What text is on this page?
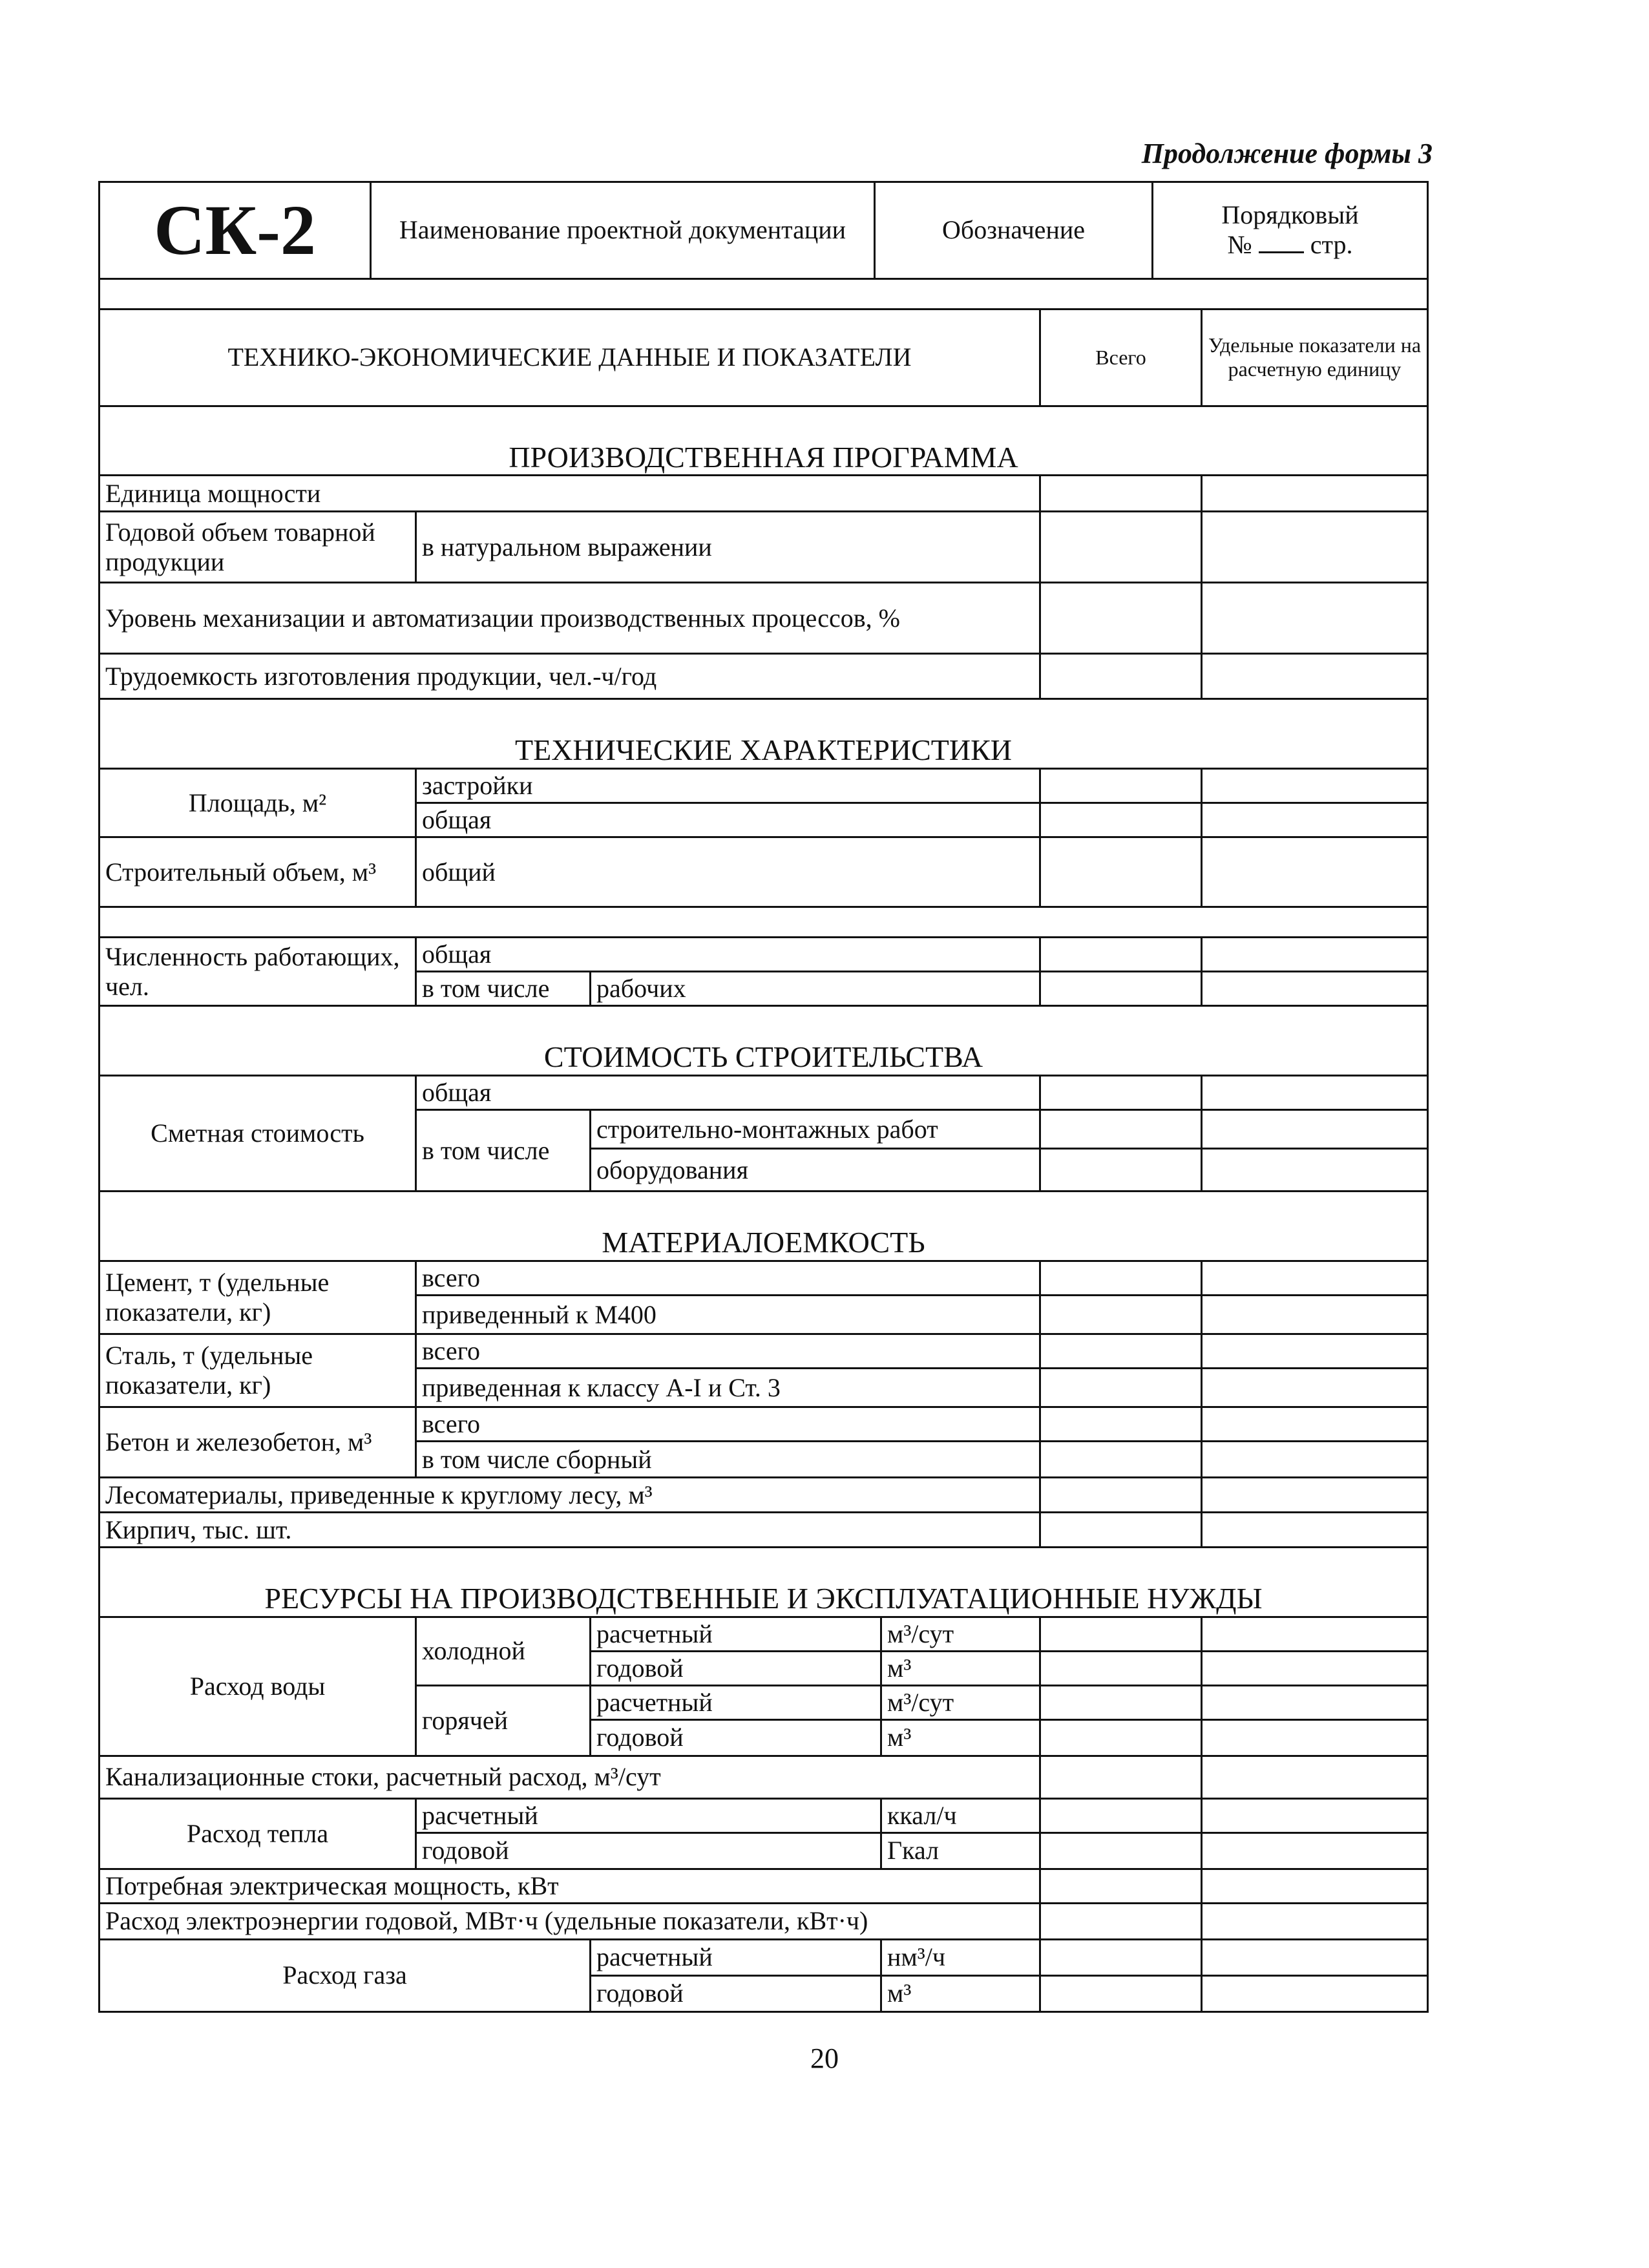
Продолжение формы 3
СК-2	Наименование проектной документации	Обозначение	
Порядковый
№ стр.

ТЕХНИКО-ЭКОНОМИЧЕСКИЕ ДАННЫЕ И ПОКАЗАТЕЛИ				Всего	Удельные показатели на расчетную единицу
ПРОИЗВОДСТВЕННАЯ ПРОГРАММА					
Единица мощности					
Годовой объем товарной продукции	в натуральном выражении				
Уровень механизации и автоматизации производственных процессов, %					
Трудоемкость изготовления продукции, чел.-ч/год					
ТЕХНИЧЕСКИЕ ХАРАКТЕРИСТИКИ					
Площадь, м²	застройки				
	общая				
Строительный объем, м³	общий				

Численность работающих, чел.	общая				
	в том числе	рабочих			
СТОИМОСТЬ СТРОИТЕЛЬСТВА					
Сметная стоимость	общая				
	в том числе	строительно-монтажных работ			
		оборудования			
МАТЕРИАЛОЕМКОСТЬ					
Цемент, т (удельные показатели, кг)	всего				
	приведенный к М400				
Сталь, т (удельные показатели, кг)	всего				
	приведенная к классу А-I и Ст. 3				
Бетон и железобетон, м³	всего				
	в том числе сборный				
Лесоматериалы, приведенные к круглому лесу, м³					
Кирпич, тыс. шт.					
РЕСУРСЫ НА ПРОИЗВОДСТВЕННЫЕ И ЭКСПЛУАТАЦИОННЫЕ НУЖДЫ					
Расход воды	холодной	расчетный	м³/сут		
		годовой	м³		
	горячей	расчетный	м³/сут		
		годовой	м³		
Канализационные стоки, расчетный расход, м³/сут					
Расход тепла	расчетный		ккал/ч		
	годовой		Гкал		
Потребная электрическая мощность, кВт					
Расход электроэнергии годовой, МВт·ч (удельные показатели, кВт·ч)					
Расход газа		расчетный	нм³/ч		
		годовой	м³		
20
